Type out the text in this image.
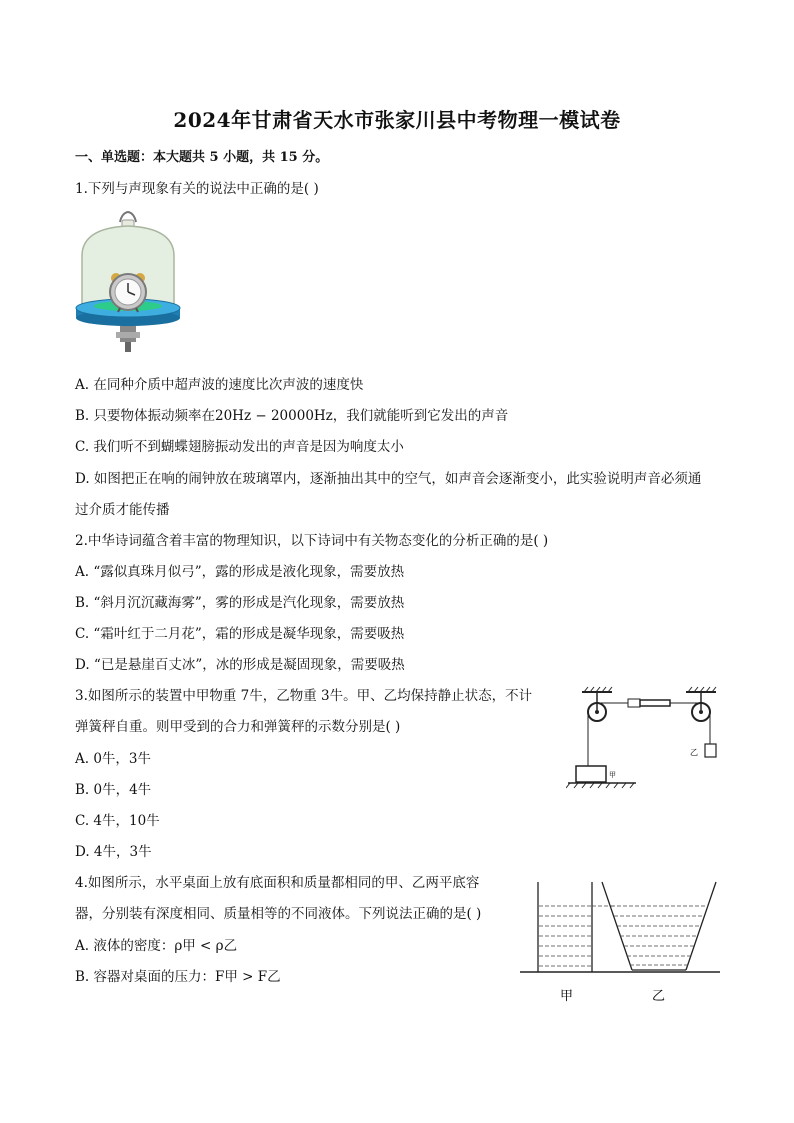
2024年甘肃省天水市张家川县中考物理一模试卷
一、单选题：本大题共 5 小题，共 15 分。
1.下列与声现象有关的说法中正确的是( )
A. 在同种介质中超声波的速度比次声波的速度快
B. 只要物体振动频率在20Hz − 20000Hz，我们就能听到它发出的声音
C. 我们听不到蝴蝶翅膀振动发出的声音是因为响度太小
D. 如图把正在响的闹钟放在玻璃罩内，逐渐抽出其中的空气，如声音会逐渐变小，此实验说明声音必须通
过介质才能传播
2.中华诗词蕴含着丰富的物理知识，以下诗词中有关物态变化的分析正确的是( )
A. “露似真珠月似弓”，露的形成是液化现象，需要放热
B. “斜月沉沉藏海雾”，雾的形成是汽化现象，需要放热
C. “霜叶红于二月花”，霜的形成是凝华现象，需要吸热
D. “已是悬崖百丈冰”，冰的形成是凝固现象，需要吸热
3.如图所示的装置中甲物重 7牛，乙物重 3牛。甲、乙均保持静止状态，不计
弹簧秤自重。则甲受到的合力和弹簧秤的示数分别是( )
A. 0牛，3牛
B. 0牛，4牛
C. 4牛，10牛
D. 4牛，3牛
甲
乙
4.如图所示，水平桌面上放有底面积和质量都相同的甲、乙两平底容
器，分别装有深度相同、质量相等的不同液体。下列说法正确的是( )
A. 液体的密度：ρ甲 < ρ乙
B. 容器对桌面的压力：F甲 > F乙
甲	乙
